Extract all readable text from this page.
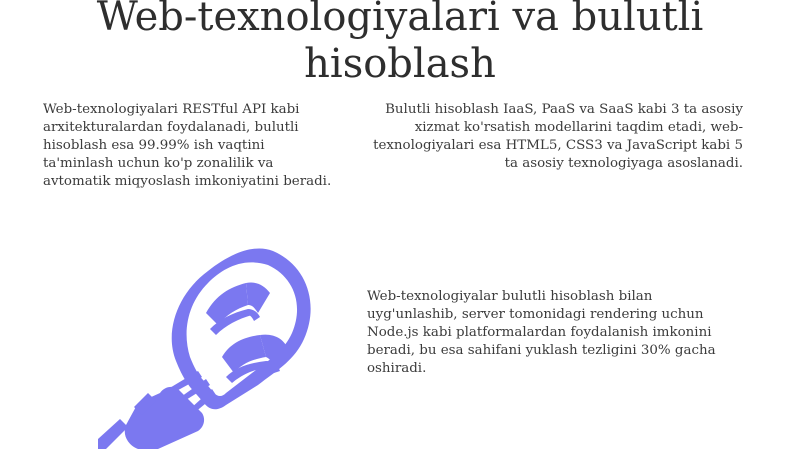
Web-texnologiyalari va bulutli hisoblash

Web-texnologiyalari RESTful API kabi arxitekturalardan foydalanadi, bulutli hisoblash esa 99.99% ish vaqtini ta'minlash uchun ko'p zonalilik va avtomatik miqyoslash imkoniyatini beradi.

Bulutli hisoblash IaaS, PaaS va SaaS kabi 3 ta asosiy xizmat ko'rsatish modellarini taqdim etadi, web-texnologiyalari esa HTML5, CSS3 va JavaScript kabi 5 ta asosiy texnologiyaga asoslanadi.

Web-texnologiyalar bulutli hisoblash bilan uyg'unlashib, server tomonidagi rendering uchun Node.js kabi platformalardan foydalanish imkonini beradi, bu esa sahifani yuklash tezligini 30% gacha oshiradi.
